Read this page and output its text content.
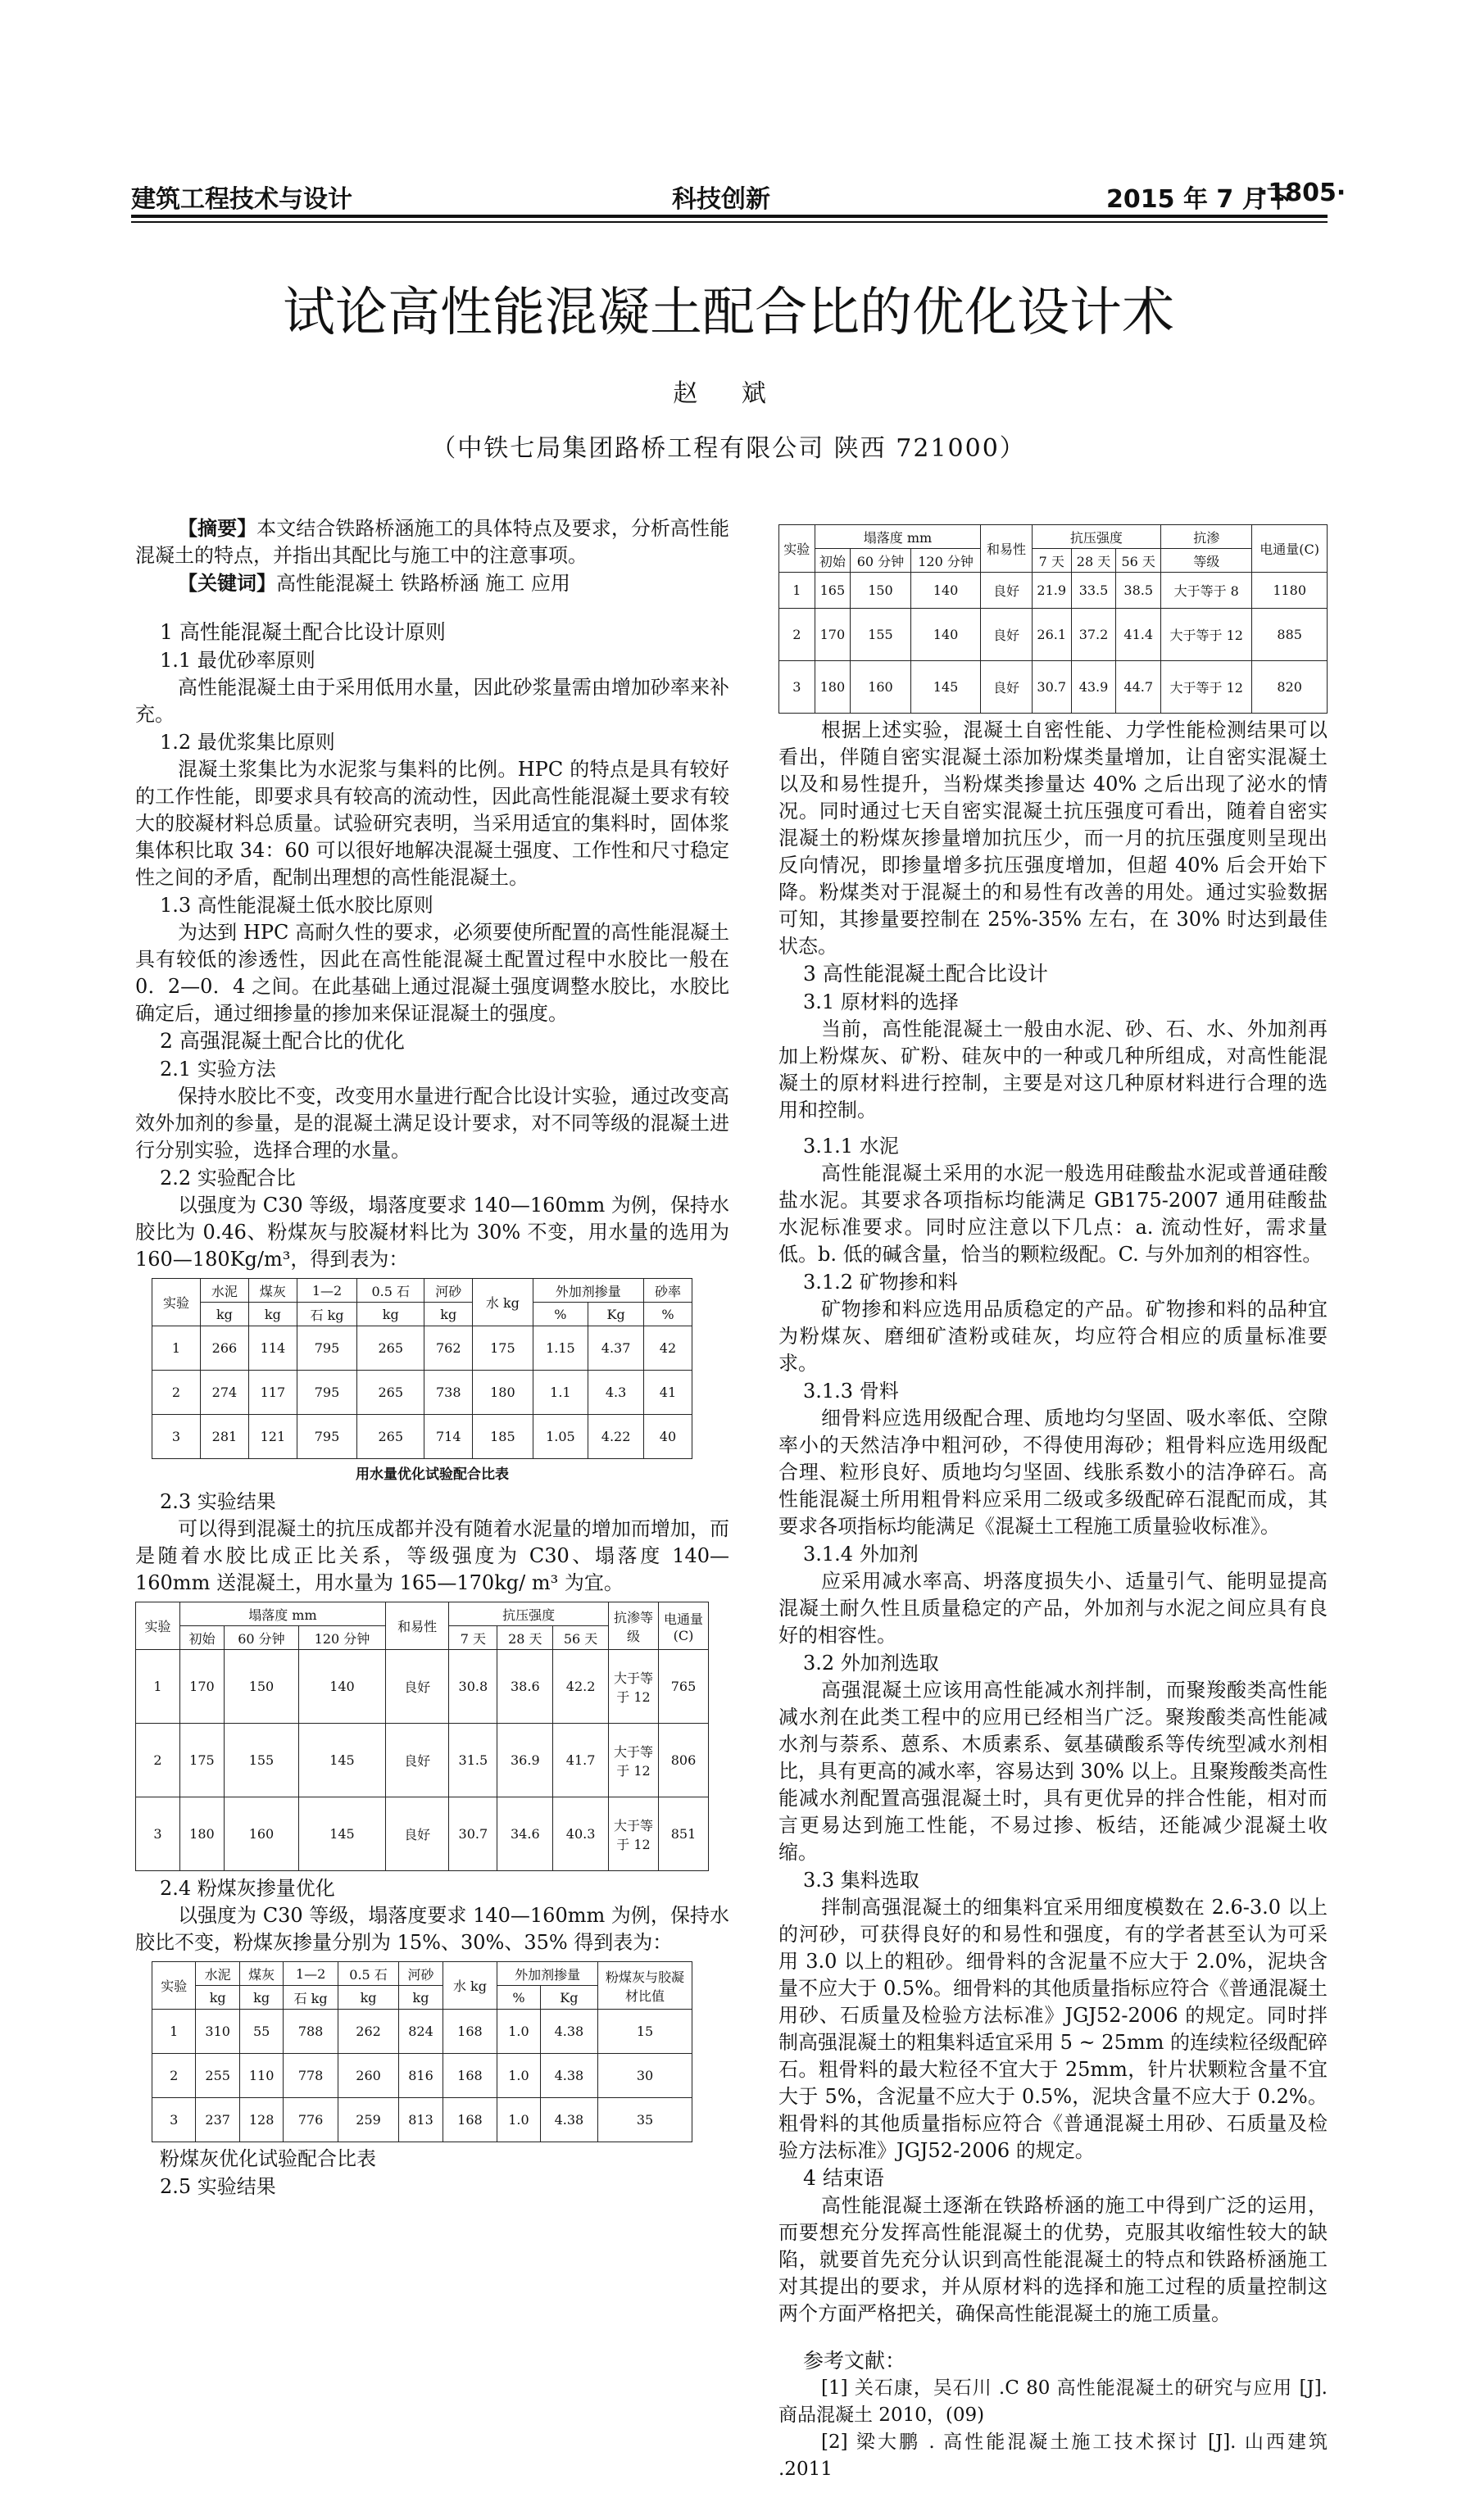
建筑工程技术与设计	科技创新	2015 年 7 月下
·1805·
试论高性能混凝土配合比的优化设计术
赵 斌
（中铁七局集团路桥工程有限公司 陕西 721000）

【摘要】本文结合铁路桥涵施工的具体特点及要求，分析高性能混凝土的特点，并指出其配比与施工中的注意事项。

【关键词】高性能混凝土 铁路桥涵 施工 应用

1 高性能混凝土配合比设计原则
1.1 最优砂率原则

高性能混凝土由于采用低用水量，因此砂浆量需由增加砂率来补充。

1.2 最优浆集比原则

混凝土浆集比为水泥浆与集料的比例。HPC 的特点是具有较好的工作性能，即要求具有较高的流动性，因此高性能混凝土要求有较大的胶凝材料总质量。试验研究表明，当采用适宜的集料时，固体浆集体积比取 34：60 可以很好地解决混凝土强度、工作性和尺寸稳定性之间的矛盾，配制出理想的高性能混凝土。

1.3 高性能混凝土低水胶比原则

为达到 HPC 高耐久性的要求，必须要使所配置的高性能混凝土具有较低的渗透性，因此在高性能混凝土配置过程中水胶比一般在 0．2—0．4 之间。在此基础上通过混凝土强度调整水胶比，水胶比确定后，通过细掺量的掺加来保证混凝土的强度。

2 高强混凝土配合比的优化
2.1 实验方法

保持水胶比不变，改变用水量进行配合比设计实验，通过改变高效外加剂的参量，是的混凝土满足设计要求，对不同等级的混凝土进行分别实验，选择合理的水量。

2.2 实验配合比

以强度为 C30 等级，塌落度要求 140—160mm 为例，保持水胶比为 0.46、粉煤灰与胶凝材料比为 30% 不变，用水量的选用为 160—180Kg/m³，得到表为：

实验	水泥	煤灰	1—2	0.5 石	河砂	水 kg	外加剂掺量		砂率
	kg	kg	石 kg	kg	kg		%	Kg	%
1	266	114	795	265	762	175	1.15	4.37	42
2	274	117	795	265	738	180	1.1	4.3	41
3	281	121	795	265	714	185	1.05	4.22	40
用水量优化试验配合比表
2.3 实验结果

可以得到混凝土的抗压成都并没有随着水泥量的增加而增加，而是随着水胶比成正比关系，等级强度为 C30、塌落度 140—160mm 送混凝土，用水量为 165—170kg/ m³ 为宜。

实验	塌落度 mm			和易性	抗压强度			抗渗等级	电通量(C)
	初始	60 分钟	120 分钟		7 天	28 天	56 天		
1	170	150	140	良好	30.8	38.6	42.2	大于等于 12	765
2	175	155	145	良好	31.5	36.9	41.7	大于等于 12	806
3	180	160	145	良好	30.7	34.6	40.3	大于等于 12	851
2.4 粉煤灰掺量优化

以强度为 C30 等级，塌落度要求 140—160mm 为例，保持水胶比不变，粉煤灰掺量分别为 15%、30%、35% 得到表为：

实验	水泥	煤灰	1—2	0.5 石	河砂	水 kg	外加剂掺量		粉煤灰与胶凝材比值
	kg	kg	石 kg	kg	kg		%	Kg	
1	310	55	788	262	824	168	1.0	4.38	15
2	255	110	778	260	816	168	1.0	4.38	30
3	237	128	776	259	813	168	1.0	4.38	35
粉煤灰优化试验配合比表
2.5 实验结果
实验	塌落度 mm			和易性	抗压强度			抗渗	电通量(C)
	初始	60 分钟	120 分钟		7 天	28 天	56 天	等级	
1	165	150	140	良好	21.9	33.5	38.5	大于等于 8	1180
2	170	155	140	良好	26.1	37.2	41.4	大于等于 12	885
3	180	160	145	良好	30.7	43.9	44.7	大于等于 12	820

根据上述实验，混凝土自密性能、力学性能检测结果可以看出，伴随自密实混凝土添加粉煤类量增加，让自密实混凝土以及和易性提升，当粉煤类掺量达 40% 之后出现了泌水的情况。同时通过七天自密实混凝土抗压强度可看出，随着自密实混凝土的粉煤灰掺量增加抗压少，而一月的抗压强度则呈现出反向情况，即掺量增多抗压强度增加，但超 40% 后会开始下降。粉煤类对于混凝土的和易性有改善的用处。通过实验数据可知，其掺量要控制在 25%-35% 左右，在 30% 时达到最佳状态。

3 高性能混凝土配合比设计
3.1 原材料的选择

当前，高性能混凝土一般由水泥、砂、石、水、外加剂再加上粉煤灰、矿粉、硅灰中的一种或几种所组成，对高性能混凝土的原材料进行控制，主要是对这几种原材料进行合理的选用和控制。

3.1.1 水泥

高性能混凝土采用的水泥一般选用硅酸盐水泥或普通硅酸盐水泥。其要求各项指标均能满足 GB175-2007 通用硅酸盐水泥标准要求。同时应注意以下几点：a. 流动性好，需求量低。b. 低的碱含量，恰当的颗粒级配。C. 与外加剂的相容性。

3.1.2 矿物掺和料

矿物掺和料应选用品质稳定的产品。矿物掺和料的品种宜为粉煤灰、磨细矿渣粉或硅灰，均应符合相应的质量标准要求。

3.1.3 骨料

细骨料应选用级配合理、质地均匀坚固、吸水率低、空隙率小的天然洁净中粗河砂，不得使用海砂；粗骨料应选用级配合理、粒形良好、质地均匀坚固、线胀系数小的洁净碎石。高性能混凝土所用粗骨料应采用二级或多级配碎石混配而成，其要求各项指标均能满足《混凝土工程施工质量验收标准》。

3.1.4 外加剂

应采用减水率高、坍落度损失小、适量引气、能明显提高混凝土耐久性且质量稳定的产品，外加剂与水泥之间应具有良好的相容性。

3.2 外加剂选取

高强混凝土应该用高性能减水剂拌制，而聚羧酸类高性能减水剂在此类工程中的应用已经相当广泛。聚羧酸类高性能减水剂与萘系、蒽系、木质素系、氨基磺酸系等传统型减水剂相比，具有更高的减水率，容易达到 30% 以上。且聚羧酸类高性能减水剂配置高强混凝土时，具有更优异的拌合性能，相对而言更易达到施工性能，不易过掺、板结，还能减少混凝土收缩。

3.3 集料选取

拌制高强混凝土的细集料宜采用细度模数在 2.6-3.0 以上的河砂，可获得良好的和易性和强度，有的学者甚至认为可采用 3.0 以上的粗砂。细骨料的含泥量不应大于 2.0%，泥块含量不应大于 0.5%。细骨料的其他质量指标应符合《普通混凝土用砂、石质量及检验方法标准》JGJ52-2006 的规定。同时拌制高强混凝土的粗集料适宜采用 5 ~ 25mm 的连续粒径级配碎石。粗骨料的最大粒径不宜大于 25mm，针片状颗粒含量不宜大于 5%，含泥量不应大于 0.5%，泥块含量不应大于 0.2%。粗骨料的其他质量指标应符合《普通混凝土用砂、石质量及检验方法标准》JGJ52-2006 的规定。

4 结束语

高性能混凝土逐渐在铁路桥涵的施工中得到广泛的运用，而要想充分发挥高性能混凝土的优势，克服其收缩性较大的缺陷，就要首先充分认识到高性能混凝土的特点和铁路桥涵施工对其提出的要求，并从原材料的选择和施工过程的质量控制这两个方面严格把关，确保高性能混凝土的施工质量。

参考文献：

[1] 关石康，吴石川 .C 80 高性能混凝土的研究与应用 [J]. 商品混凝土 2010，(09)

[2] 梁大鹏 . 高性能混凝土施工技术探讨 [J]. 山西建筑 .2011
